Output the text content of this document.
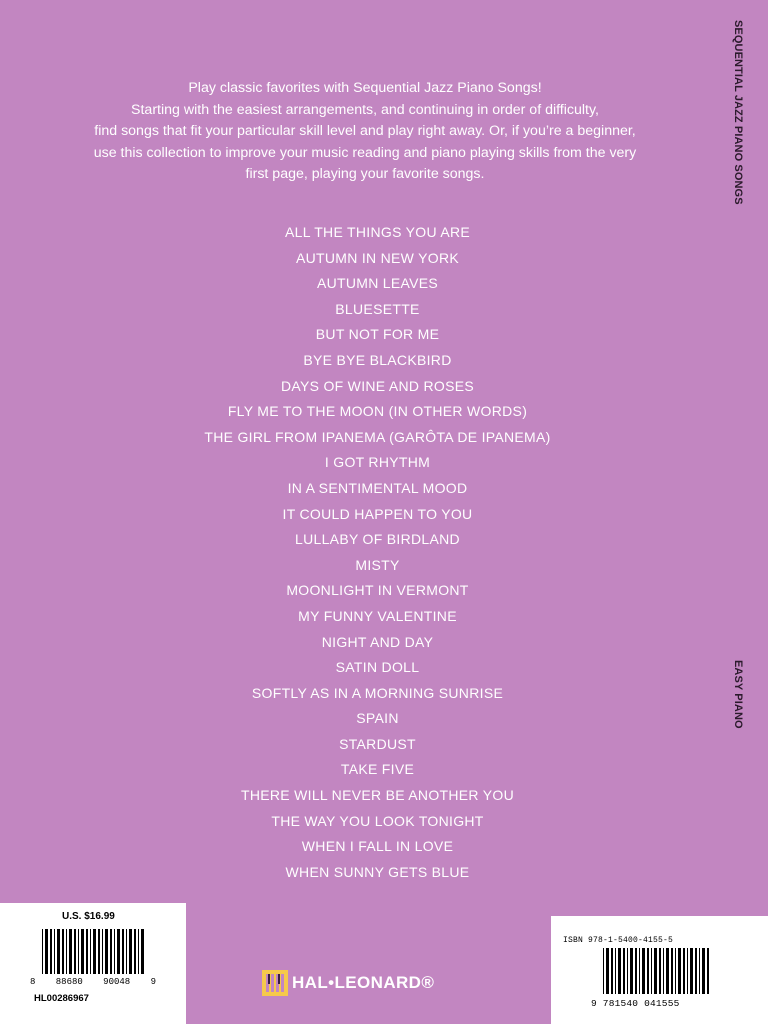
Play classic favorites with Sequential Jazz Piano Songs!
Starting with the easiest arrangements, and continuing in order of difficulty,
find songs that fit your particular skill level and play right away. Or, if you’re a beginner,
use this collection to improve your music reading and piano playing skills from the very
first page, playing your favorite songs.
ALL THE THINGS YOU ARE
AUTUMN IN NEW YORK
AUTUMN LEAVES
BLUESETTE
BUT NOT FOR ME
BYE BYE BLACKBIRD
DAYS OF WINE AND ROSES
FLY ME TO THE MOON (IN OTHER WORDS)
THE GIRL FROM IPANEMA (GARÔTA DE IPANEMA)
I GOT RHYTHM
IN A SENTIMENTAL MOOD
IT COULD HAPPEN TO YOU
LULLABY OF BIRDLAND
MISTY
MOONLIGHT IN VERMONT
MY FUNNY VALENTINE
NIGHT AND DAY
SATIN DOLL
SOFTLY AS IN A MORNING SUNRISE
SPAIN
STARDUST
TAKE FIVE
THERE WILL NEVER BE ANOTHER YOU
THE WAY YOU LOOK TONIGHT
WHEN I FALL IN LOVE
WHEN SUNNY GETS BLUE
SEQUENTIAL JAZZ PIANO SONGS
EASY PIANO
U.S. $16.99
8 88680 90048 9
HL00286967
HAL•LEONARD®
ISBN 978-1-5400-4155-5
9 781540 041555
